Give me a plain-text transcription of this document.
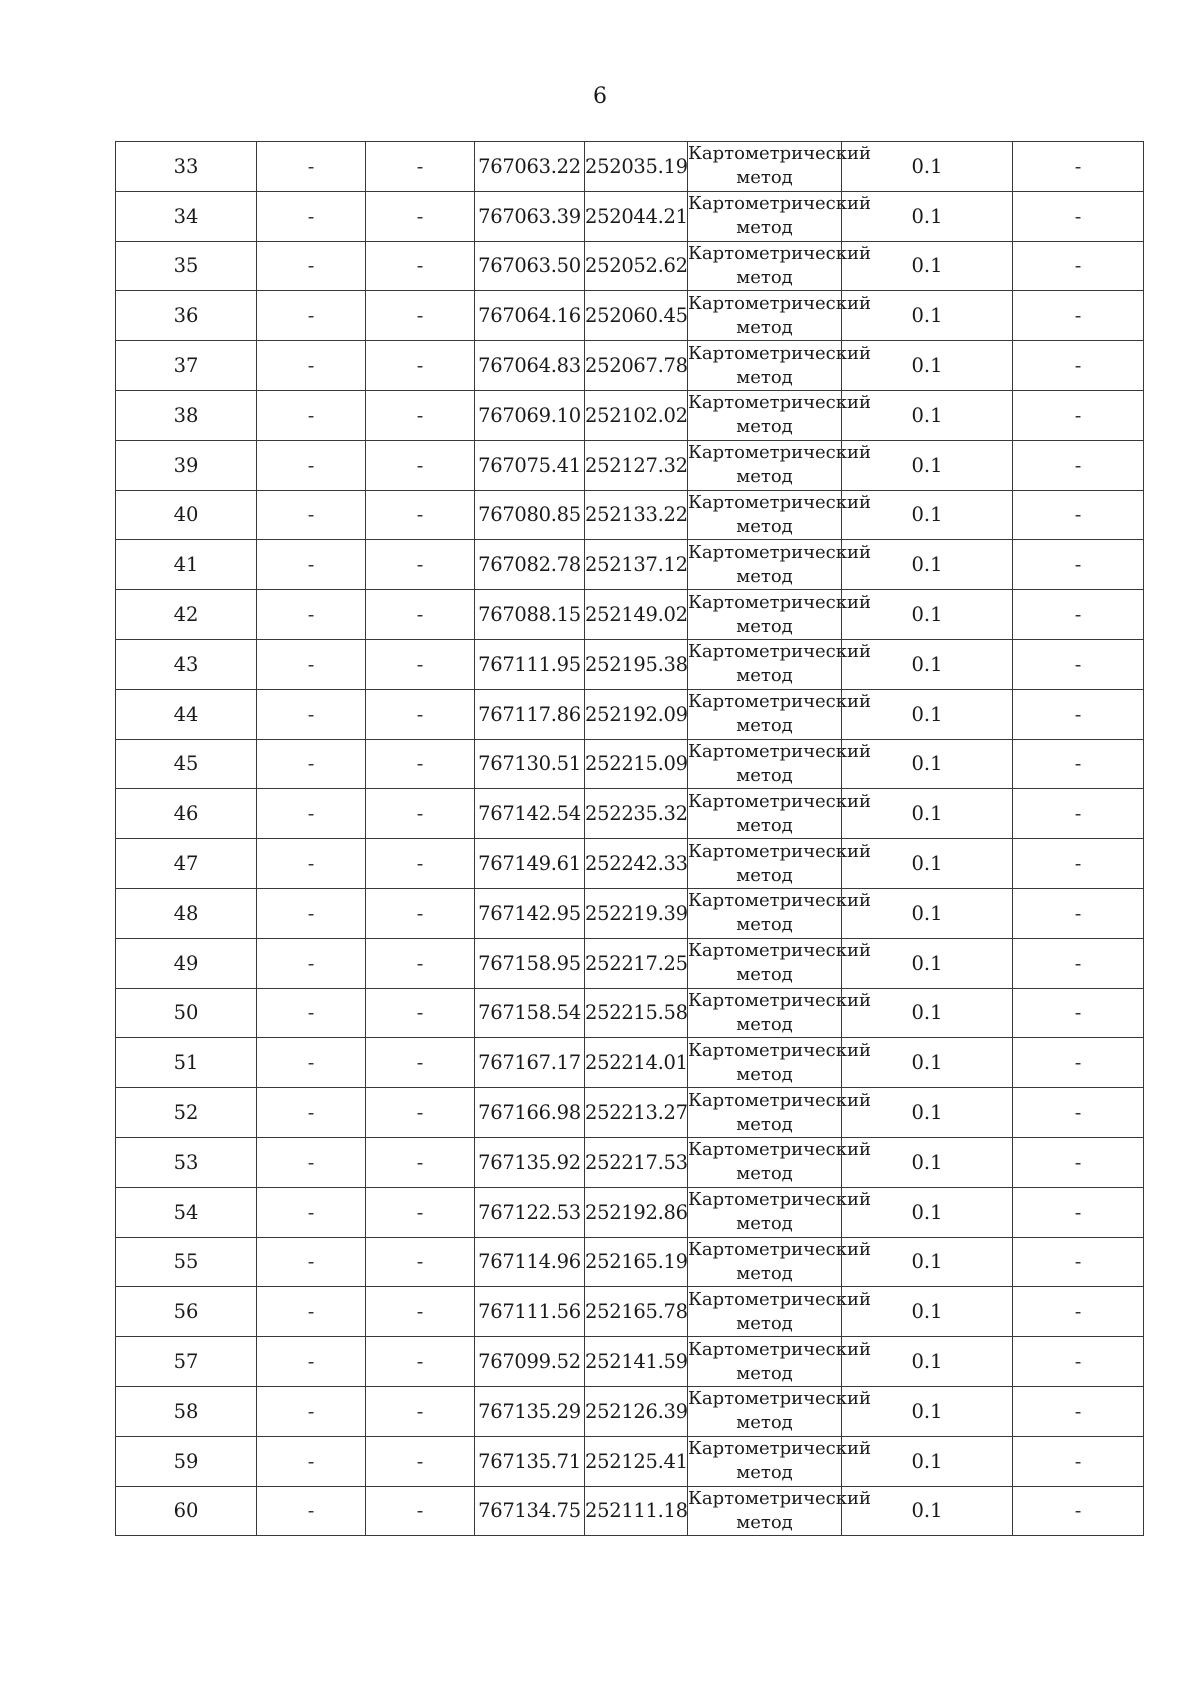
6
33	-	-	767063.22	252035.19	Картометрический метод	0.1	-
34	-	-	767063.39	252044.21	Картометрический метод	0.1	-
35	-	-	767063.50	252052.62	Картометрический метод	0.1	-
36	-	-	767064.16	252060.45	Картометрический метод	0.1	-
37	-	-	767064.83	252067.78	Картометрический метод	0.1	-
38	-	-	767069.10	252102.02	Картометрический метод	0.1	-
39	-	-	767075.41	252127.32	Картометрический метод	0.1	-
40	-	-	767080.85	252133.22	Картометрический метод	0.1	-
41	-	-	767082.78	252137.12	Картометрический метод	0.1	-
42	-	-	767088.15	252149.02	Картометрический метод	0.1	-
43	-	-	767111.95	252195.38	Картометрический метод	0.1	-
44	-	-	767117.86	252192.09	Картометрический метод	0.1	-
45	-	-	767130.51	252215.09	Картометрический метод	0.1	-
46	-	-	767142.54	252235.32	Картометрический метод	0.1	-
47	-	-	767149.61	252242.33	Картометрический метод	0.1	-
48	-	-	767142.95	252219.39	Картометрический метод	0.1	-
49	-	-	767158.95	252217.25	Картометрический метод	0.1	-
50	-	-	767158.54	252215.58	Картометрический метод	0.1	-
51	-	-	767167.17	252214.01	Картометрический метод	0.1	-
52	-	-	767166.98	252213.27	Картометрический метод	0.1	-
53	-	-	767135.92	252217.53	Картометрический метод	0.1	-
54	-	-	767122.53	252192.86	Картометрический метод	0.1	-
55	-	-	767114.96	252165.19	Картометрический метод	0.1	-
56	-	-	767111.56	252165.78	Картометрический метод	0.1	-
57	-	-	767099.52	252141.59	Картометрический метод	0.1	-
58	-	-	767135.29	252126.39	Картометрический метод	0.1	-
59	-	-	767135.71	252125.41	Картометрический метод	0.1	-
60	-	-	767134.75	252111.18	Картометрический метод	0.1	-
